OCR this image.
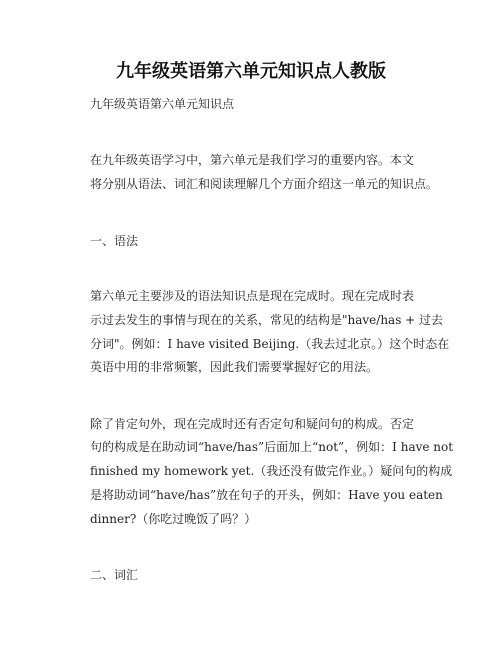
九年级英语第六单元知识点人教版
九年级英语第六单元知识点
在九年级英语学习中，第六单元是我们学习的重要内容。本文
将分别从语法、词汇和阅读理解几个方面介绍这一单元的知识点。
一、语法
第六单元主要涉及的语法知识点是现在完成时。现在完成时表
示过去发生的事情与现在的关系，常见的结构是"have/has + 过去
分词"。例如：I have visited Beijing.（我去过北京。）这个时态在
英语中用的非常频繁，因此我们需要掌握好它的用法。
除了肯定句外，现在完成时还有否定句和疑问句的构成。否定
句的构成是在助动词“have/has”后面加上“not”，例如：I have not
finished my homework yet.（我还没有做完作业。）疑问句的构成
是将助动词“have/has”放在句子的开头，例如：Have you eaten
dinner?（你吃过晚饭了吗？）
二、词汇
